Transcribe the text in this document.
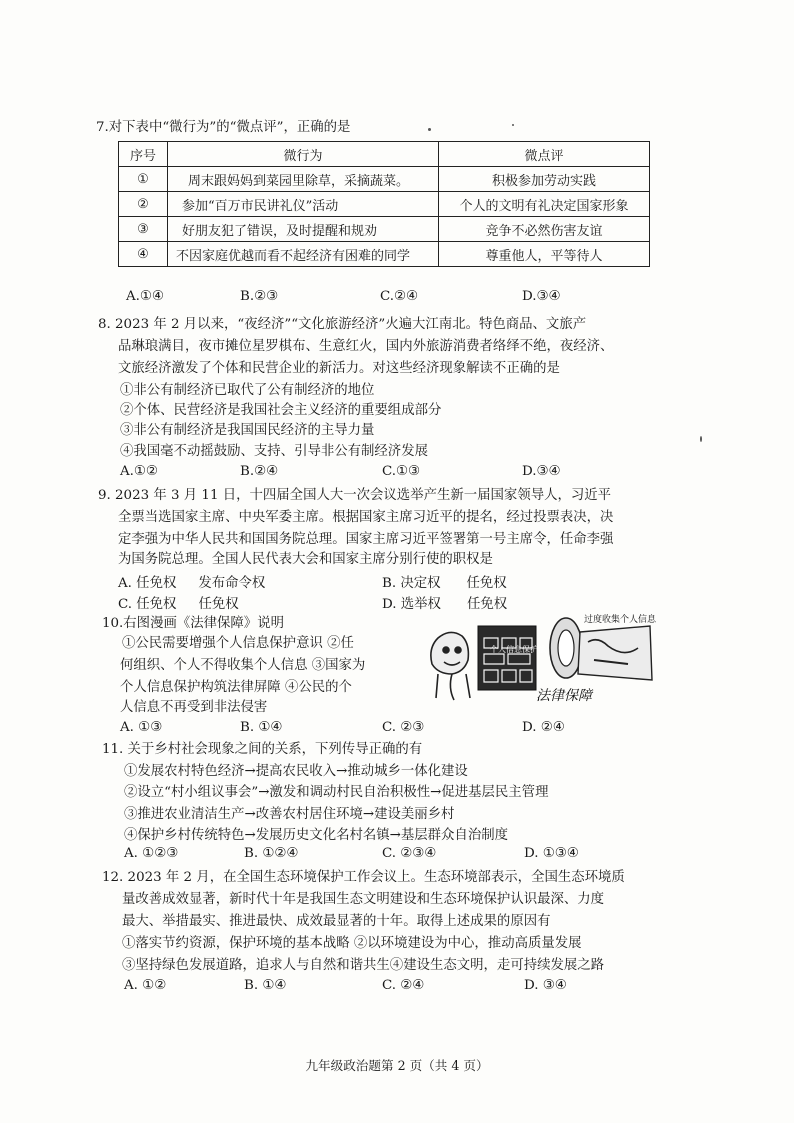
7.对下表中“微行为”的“微点评”，正确的是
序号	微行为	微点评
①	周末跟妈妈到菜园里除草，采摘蔬菜。	积极参加劳动实践
②	参加“百万市民讲礼仪”活动	个人的文明有礼决定国家形象
③	好朋友犯了错误，及时提醒和规劝	竞争不必然伤害友谊
④	不因家庭优越而看不起经济有困难的同学	尊重他人，平等待人
A.①④	B.②③	C.②④	D.③④
8. 2023 年 2 月以来，“夜经济”“文化旅游经济”火遍大江南北。特色商品、文旅产
品琳琅满目，夜市摊位星罗棋布、生意红火，国内外旅游消费者络绎不绝，夜经济、
文旅经济激发了个体和民营企业的新活力。对这些经济现象解读不正确的是
①非公有制经济已取代了公有制经济的地位
②个体、民营经济是我国社会主义经济的重要组成部分
③非公有制经济是我国国民经济的主导力量
④我国毫不动摇鼓励、支持、引导非公有制经济发展
A.①②	B.②④	C.①③	D.③④
9. 2023 年 3 月 11 日，十四届全国人大一次会议选举产生新一届国家领导人，习近平
全票当选国家主席、中央军委主席。根据国家主席习近平的提名，经过投票表决，决
定李强为中华人民共和国国务院总理。国家主席习近平签署第一号主席令，任命李强
为国务院总理。全国人民代表大会和国家主席分别行使的职权是
A. 任免权 发布命令权	B. 决定权 任免权
C. 任免权 任免权	D. 选举权 任免权
10.右图漫画《法律保障》说明
①公民需要增强个人信息保护意识 ②任
何组织、个人不得收集个人信息 ③国家为
个人信息保护构筑法律屏障 ④公民的个
人信息不再受到非法侵害
A. ①③	B. ①④	C. ②③	D. ②④
个人信息保护法
过度收集个人信息
法律保障
11. 关于乡村社会现象之间的关系，下列传导正确的有
①发展农村特色经济→提高农民收入→推动城乡一体化建设
②设立“村小组议事会”→激发和调动村民自治积极性→促进基层民主管理
③推进农业清洁生产→改善农村居住环境→建设美丽乡村
④保护乡村传统特色→发展历史文化名村名镇→基层群众自治制度
A. ①②③	B. ①②④	C. ②③④	D. ①③④
12. 2023 年 2 月，在全国生态环境保护工作会议上。生态环境部表示，全国生态环境质
量改善成效显著，新时代十年是我国生态文明建设和生态环境保护认识最深、力度
最大、举措最实、推进最快、成效最显著的十年。取得上述成果的原因有
①落实节约资源，保护环境的基本战略 ②以环境建设为中心，推动高质量发展
③坚持绿色发展道路，追求人与自然和谐共生④建设生态文明，走可持续发展之路
A. ①②	B. ①④	C. ②④	D. ③④
九年级政治题第 2 页（共 4 页）
